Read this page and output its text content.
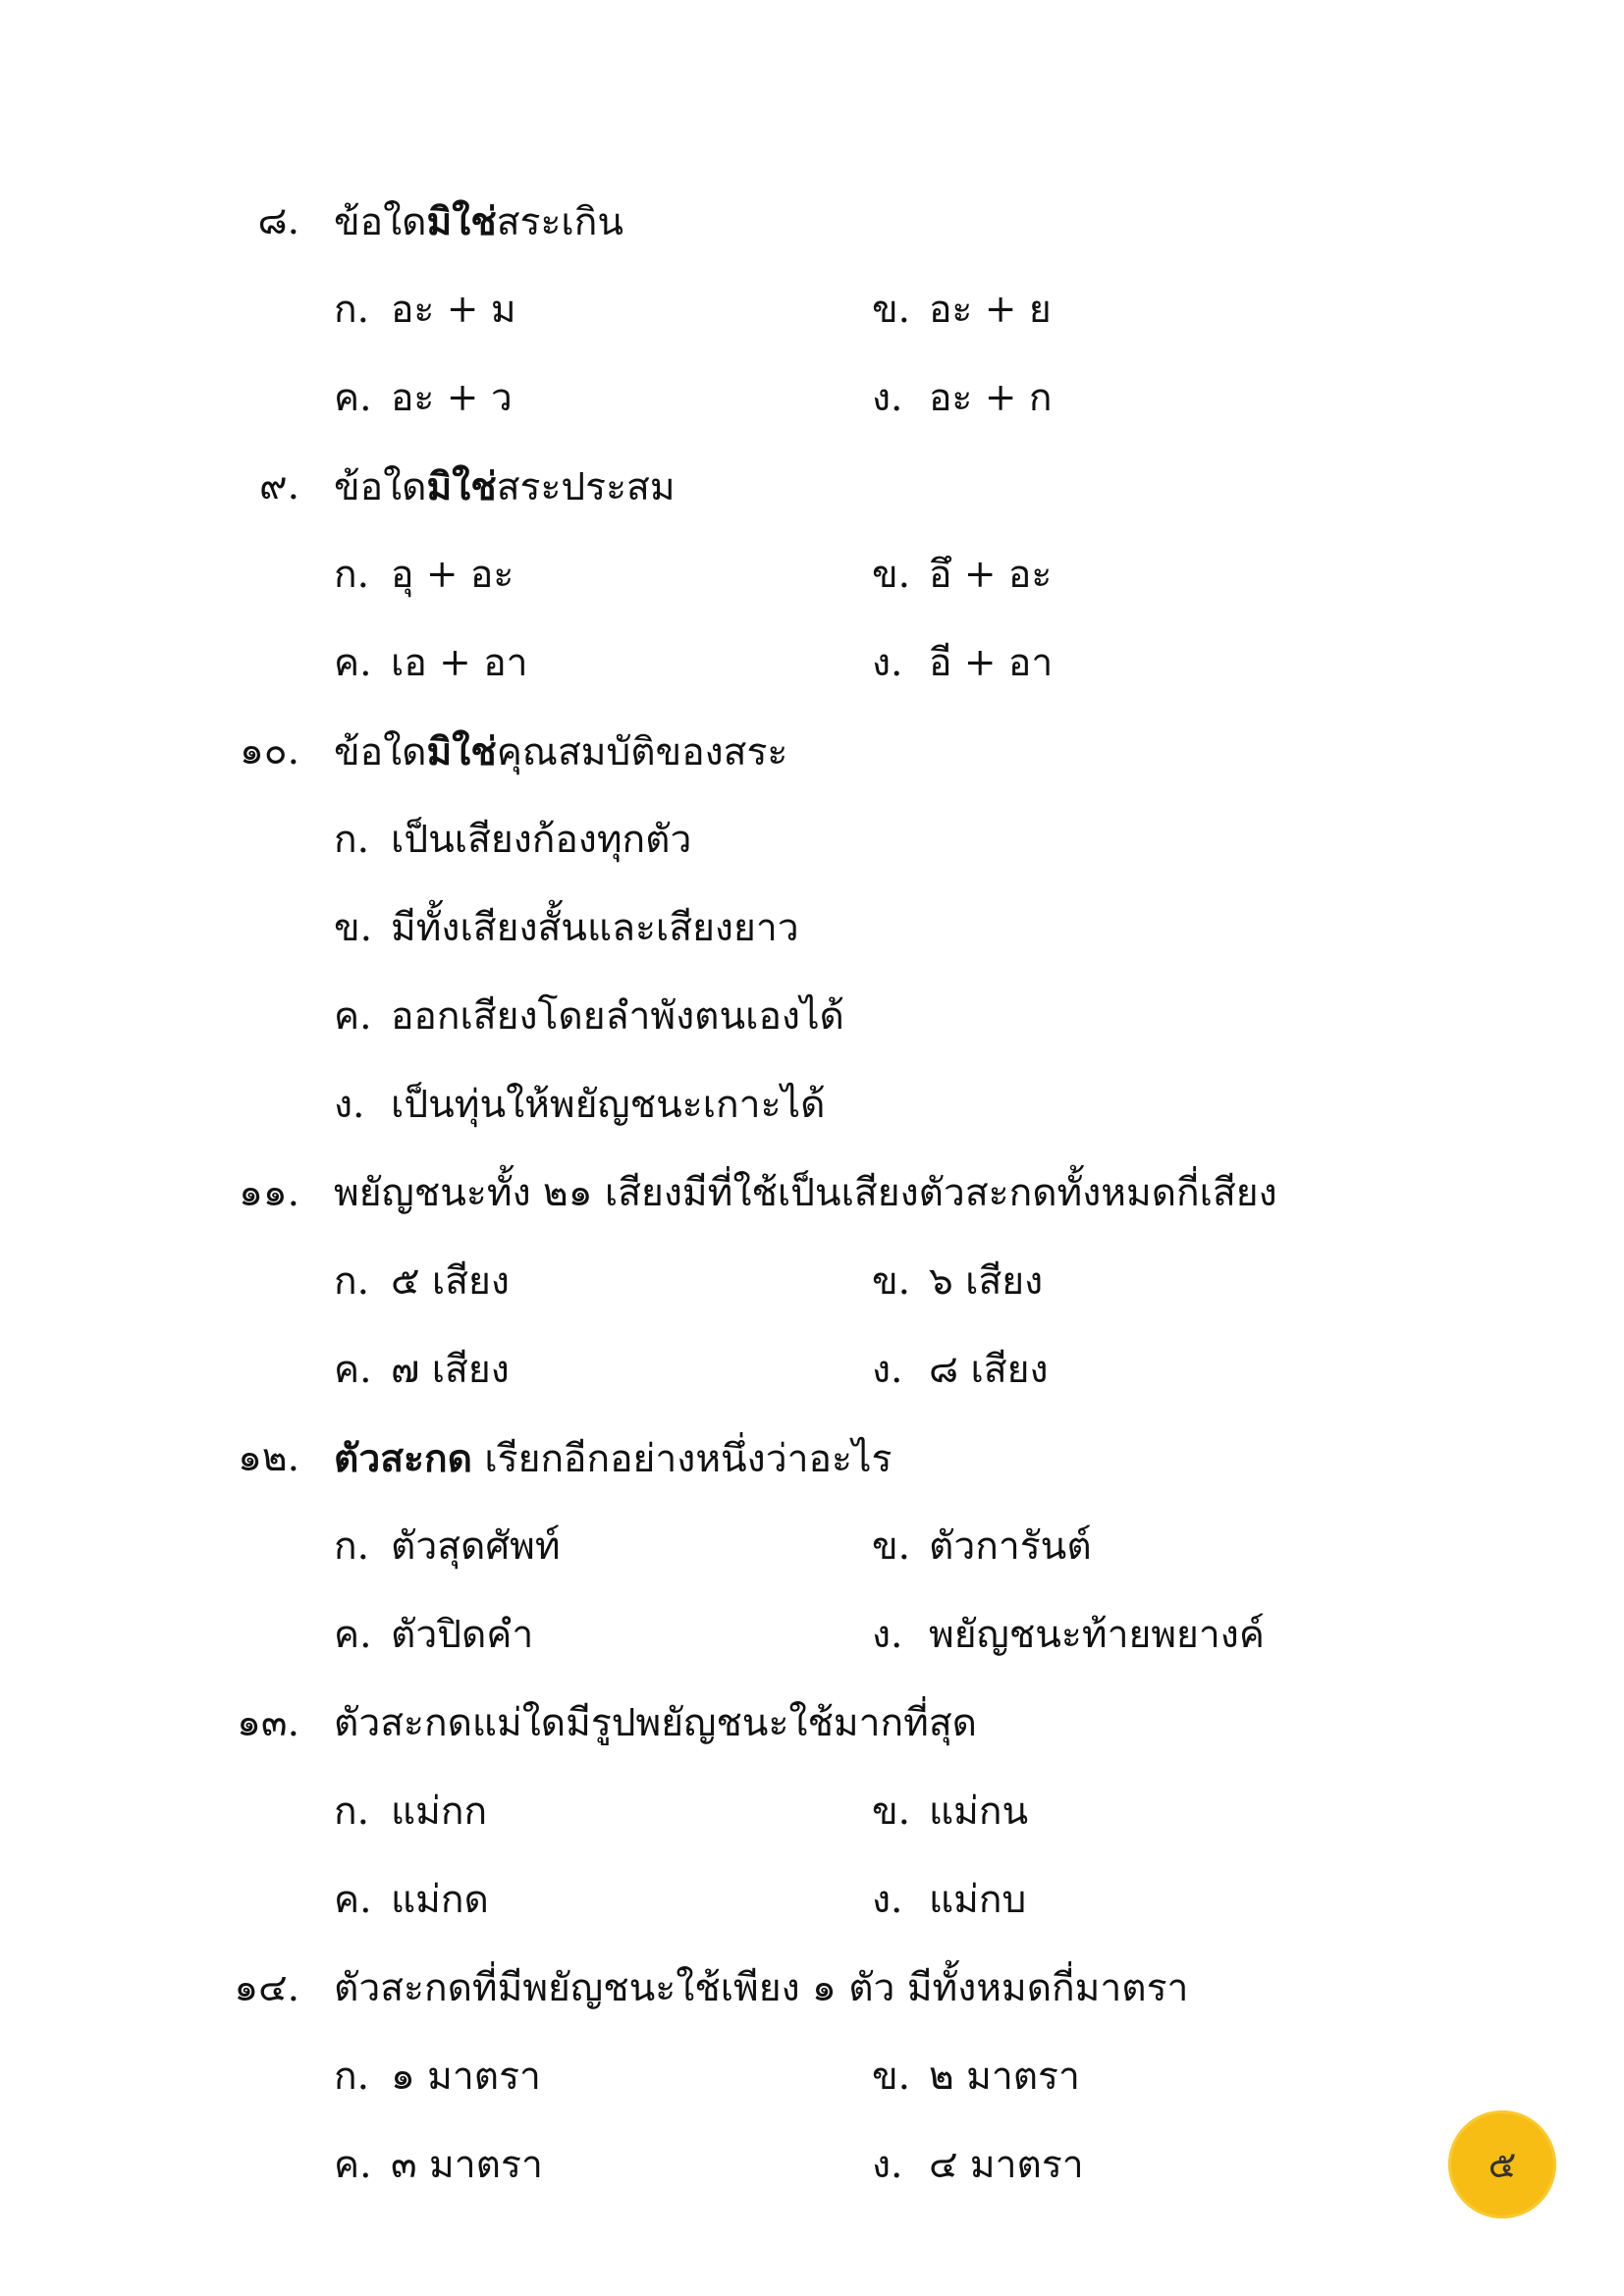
๘. ข้อใดมิใช่สระเกิน
ก. อะ + ม	ข. อะ + ย
ค. อะ + ว	ง. อะ + ก
๙. ข้อใดมิใช่สระประสม
ก. อุ + อะ	ข. อึ + อะ
ค. เอ + อา	ง. อี + อา
๑๐. ข้อใดมิใช่คุณสมบัติของสระ
ก. เป็นเสียงก้องทุกตัว
ข. มีทั้งเสียงสั้นและเสียงยาว
ค. ออกเสียงโดยลำพังตนเองได้
ง. เป็นทุ่นให้พยัญชนะเกาะได้
๑๑. พยัญชนะทั้ง ๒๑ เสียงมีที่ใช้เป็นเสียงตัวสะกดทั้งหมดกี่เสียง
ก. ๕ เสียง	ข. ๖ เสียง
ค. ๗ เสียง	ง. ๘ เสียง
๑๒. ตัวสะกด เรียกอีกอย่างหนึ่งว่าอะไร
ก. ตัวสุดศัพท์	ข. ตัวการันต์
ค. ตัวปิดคำ	ง. พยัญชนะท้ายพยางค์
๑๓. ตัวสะกดแม่ใดมีรูปพยัญชนะใช้มากที่สุด
ก. แม่กก	ข. แม่กน
ค. แม่กด	ง. แม่กบ
๑๔. ตัวสะกดที่มีพยัญชนะใช้เพียง ๑ ตัว มีทั้งหมดกี่มาตรา
ก. ๑ มาตรา	ข. ๒ มาตรา
ค. ๓ มาตรา	ง. ๔ มาตรา	๕
